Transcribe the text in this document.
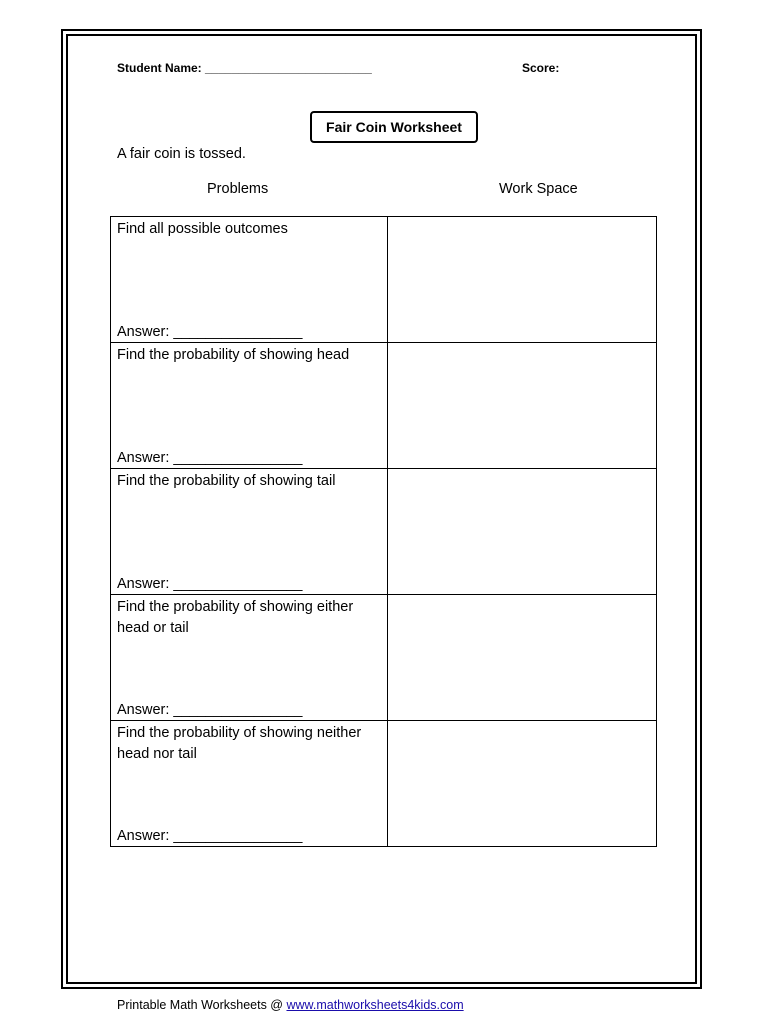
Student Name: _________________________	Score:
Fair Coin Worksheet
A fair coin is tossed.
Problems	Work Space
Find all possible outcomes
Answer: ________________	

Find the probability of showing head
Answer: ________________	

Find the probability of showing tail
Answer: ________________	

Find the probability of showing either head or tail
Answer: ________________	

Find the probability of showing neither head nor tail
Answer: ________________	

Printable Math Worksheets @ www.mathworksheets4kids.com
